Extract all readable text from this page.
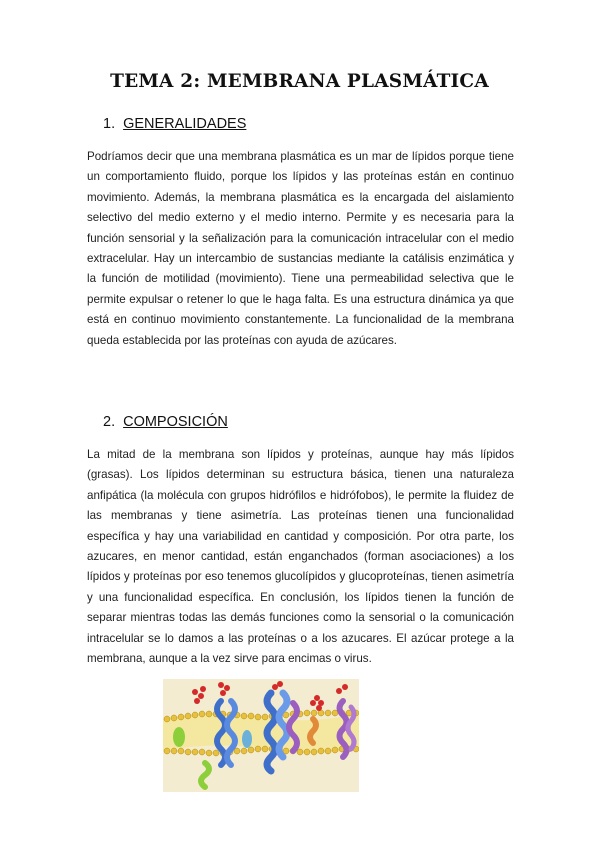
TEMA 2: MEMBRANA PLASMÁTICA
1. GENERALIDADES

Podríamos decir que una membrana plasmática es un mar de lípidos porque tiene un comportamiento fluido, porque los lípidos y las proteínas están en continuo movimiento. Además, la membrana plasmática es la encargada del aislamiento selectivo del medio externo y el medio interno. Permite y es necesaria para la función sensorial y la señalización para la comunicación intracelular con el medio extracelular. Hay un intercambio de sustancias mediante la catálisis enzimática y la función de motilidad (movimiento). Tiene una permeabilidad selectiva que le permite expulsar o retener lo que le haga falta. Es una estructura dinámica ya que está en continuo movimiento constantemente. La funcionalidad de la membrana queda establecida por las proteínas con ayuda de azúcares.

2. COMPOSICIÓN

La mitad de la membrana son lípidos y proteínas, aunque hay más lípidos (grasas). Los lípidos determinan su estructura básica, tienen una naturaleza anfipática (la molécula con grupos hidrófilos e hidrófobos), le permite la fluidez de las membranas y tiene asimetría. Las proteínas tienen una funcionalidad específica y hay una variabilidad en cantidad y composición. Por otra parte, los azucares, en menor cantidad, están enganchados (forman asociaciones) a los lípidos y proteínas por eso tenemos glucolípidos y glucoproteínas, tienen asimetría y una funcionalidad específica. En conclusión, los lípidos tienen la función de separar mientras todas las demás funciones como la sensorial o la comunicación intracelular se lo damos a las proteínas o a los azucares. El azúcar protege a la membrana, aunque a la vez sirve para encimas o virus.
